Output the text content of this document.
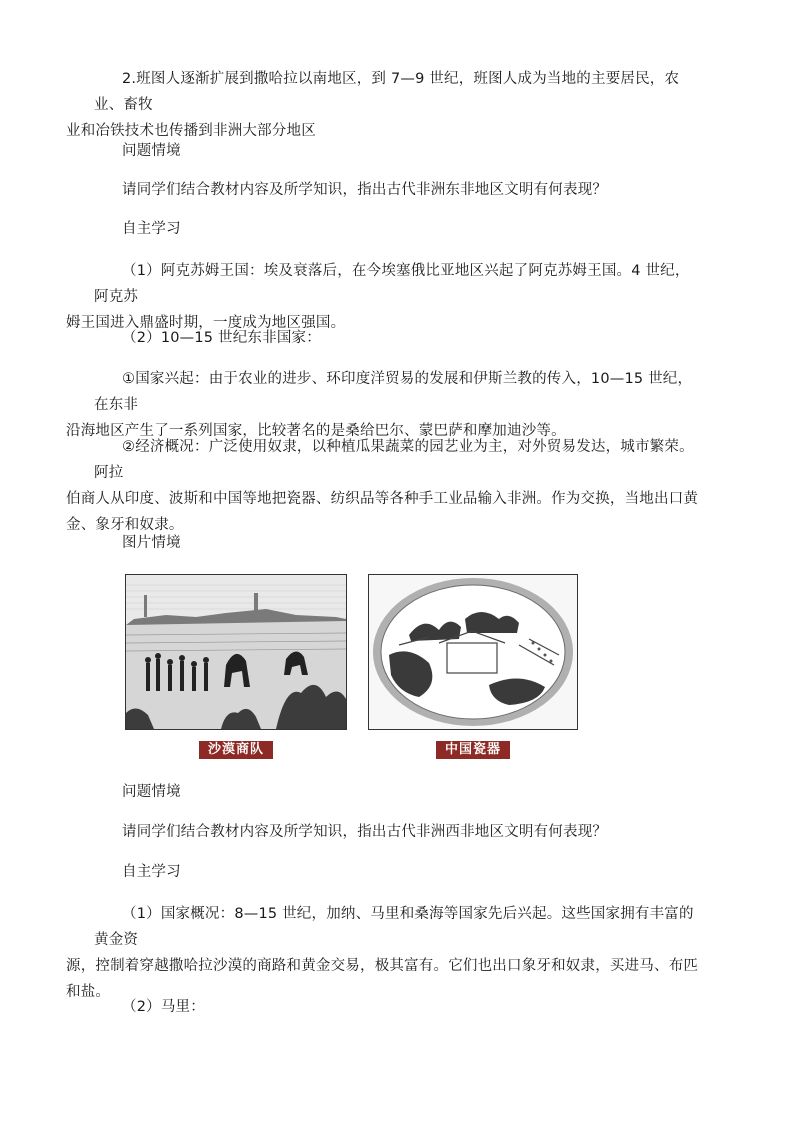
2.班图人逐渐扩展到撒哈拉以南地区，到 7—9 世纪，班图人成为当地的主要居民，农业、畜牧
业和冶铁技术也传播到非洲大部分地区

问题情境

请同学们结合教材内容及所学知识，指出古代非洲东非地区文明有何表现？

自主学习

（1）阿克苏姆王国：埃及衰落后，在今埃塞俄比亚地区兴起了阿克苏姆王国。4 世纪，阿克苏
姆王国进入鼎盛时期，一度成为地区强国。

（2）10—15 世纪东非国家：

①国家兴起：由于农业的进步、环印度洋贸易的发展和伊斯兰教的传入，10—15 世纪，在东非
沿海地区产生了一系列国家，比较著名的是桑给巴尔、蒙巴萨和摩加迪沙等。

②经济概况：广泛使用奴隶，以种植瓜果蔬菜的园艺业为主，对外贸易发达，城市繁荣。阿拉
伯商人从印度、波斯和中国等地把瓷器、纺织品等各种手工业品输入非洲。作为交换，当地出口黄
金、象牙和奴隶。

图片情境

沙漠商队	中国瓷器

问题情境

请同学们结合教材内容及所学知识，指出古代非洲西非地区文明有何表现？

自主学习

（1）国家概况：8—15 世纪，加纳、马里和桑海等国家先后兴起。这些国家拥有丰富的黄金资
源，控制着穿越撒哈拉沙漠的商路和黄金交易，极其富有。它们也出口象牙和奴隶，买进马、布匹
和盐。

（2）马里：
